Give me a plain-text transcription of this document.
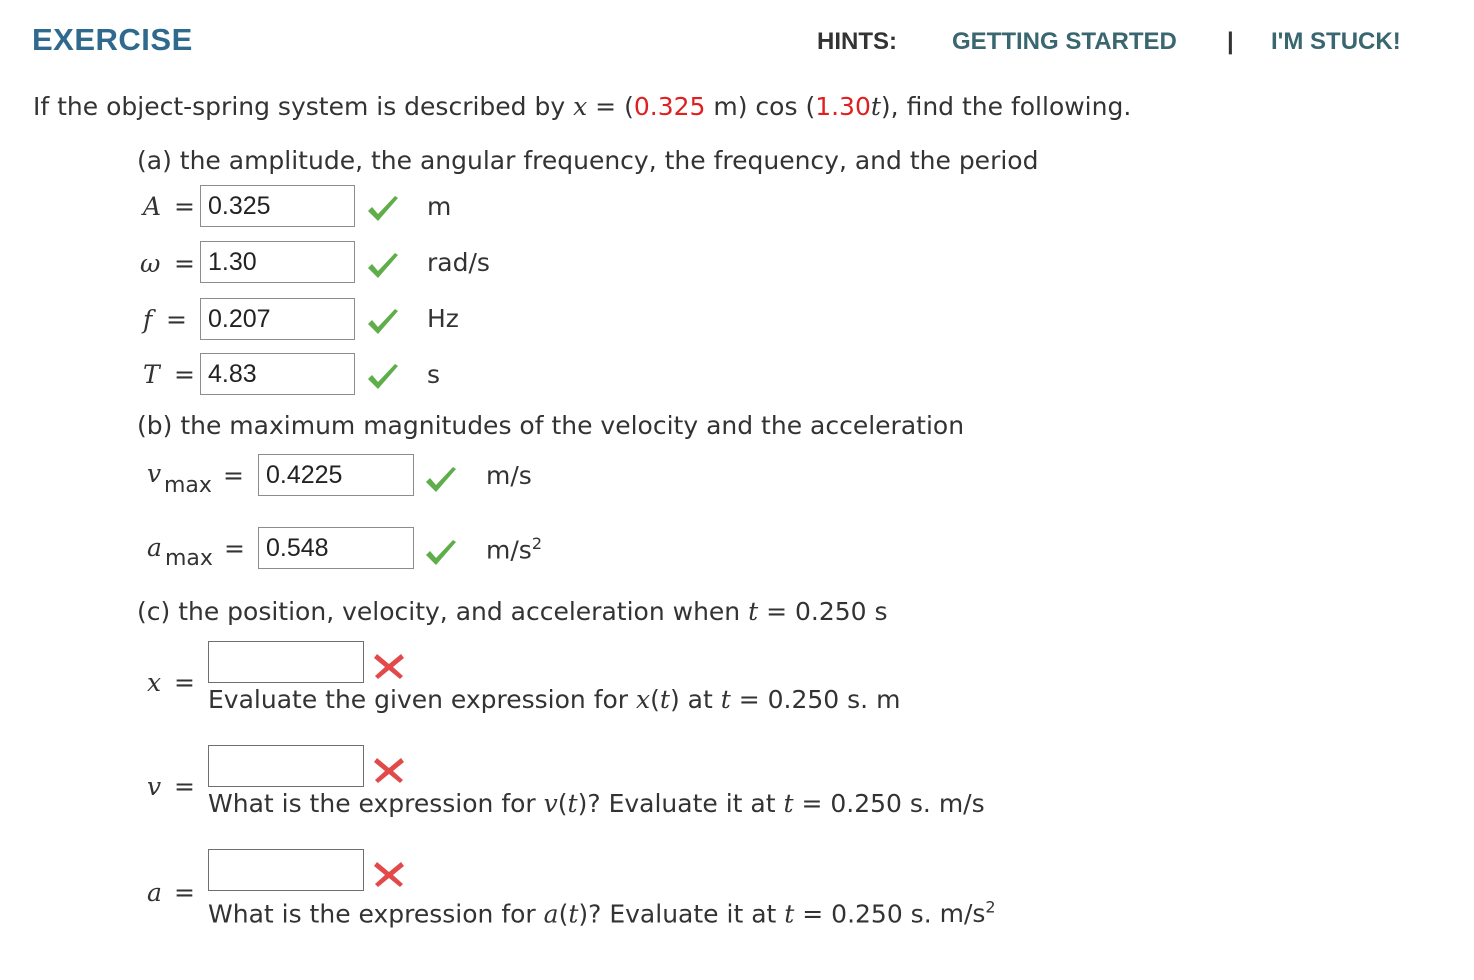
EXERCISE	HINTS: GETTING STARTED | I'M STUCK!
If the object-spring system is described by x = (0.325 m) cos (1.30t), find the following.
(a) the amplitude, the angular frequency, the frequency, and the period
A =
0.325	m
ω =
1.30	rad/s
f =
0.207	Hz
T =
4.83	s
(b) the maximum magnitudes of the velocity and the acceleration
v max =
0.4225	m/s
a max =
0.548	$m/s^2$
(c) the position, velocity, and acceleration when t = 0.250 s
x =
Evaluate the given expression for x(t) at t = 0.250 s. m
v =
What is the expression for v(t)? Evaluate it at t = 0.250 s. m/s
a =
What is the expression for a(t)? Evaluate it at t = 0.250 s. $m/s^2$
